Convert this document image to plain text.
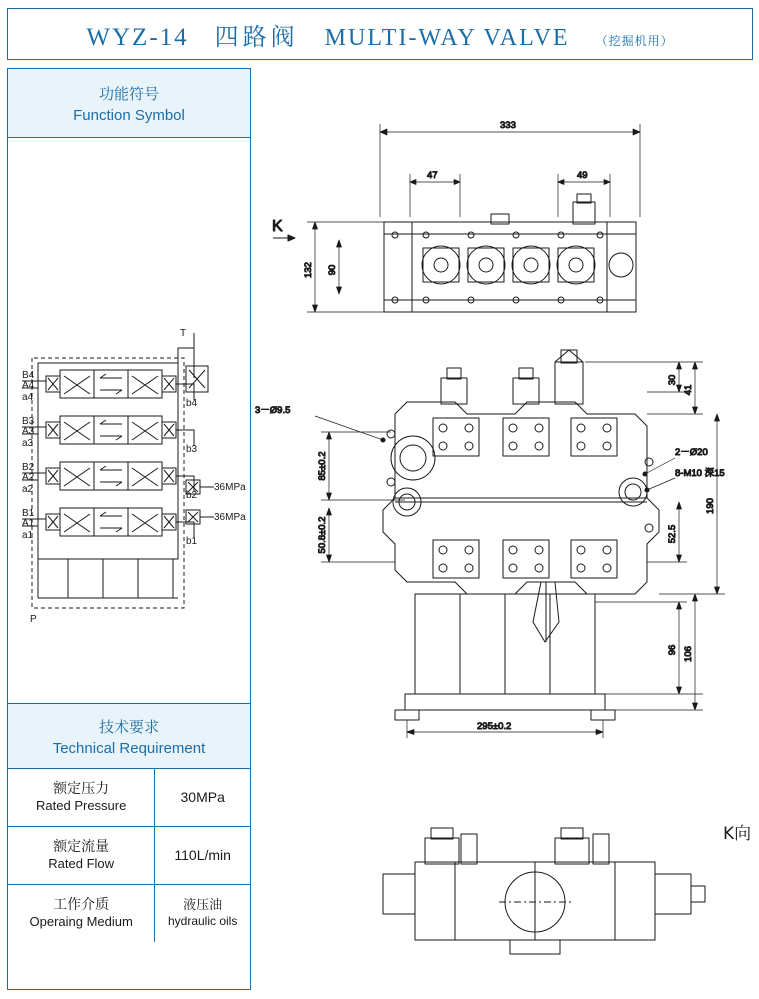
WYZ-14 四路阀 MULTI-WAY VALVE （挖掘机用）
功能符号
Function Symbol
T
B4
A4
a4
b4
B3
A3
a3
b3
B2
A2
a2
b2
B1
A1
a1
b1
P
36MPa
36MPa
技术要求
Technical Requirement
额定压力
Rated Pressure	30MPa

额定流量
Rated Flow	110L/min

工作介质
Operaing Medium	液压油
hydraulic oils
333
47	49
K
132 90
3－Ø9.5
2－Ø20
8-M10 深15
85±0.2
50.8±0.2
30
41
190
52.5
96 106
295±0.2
K向
